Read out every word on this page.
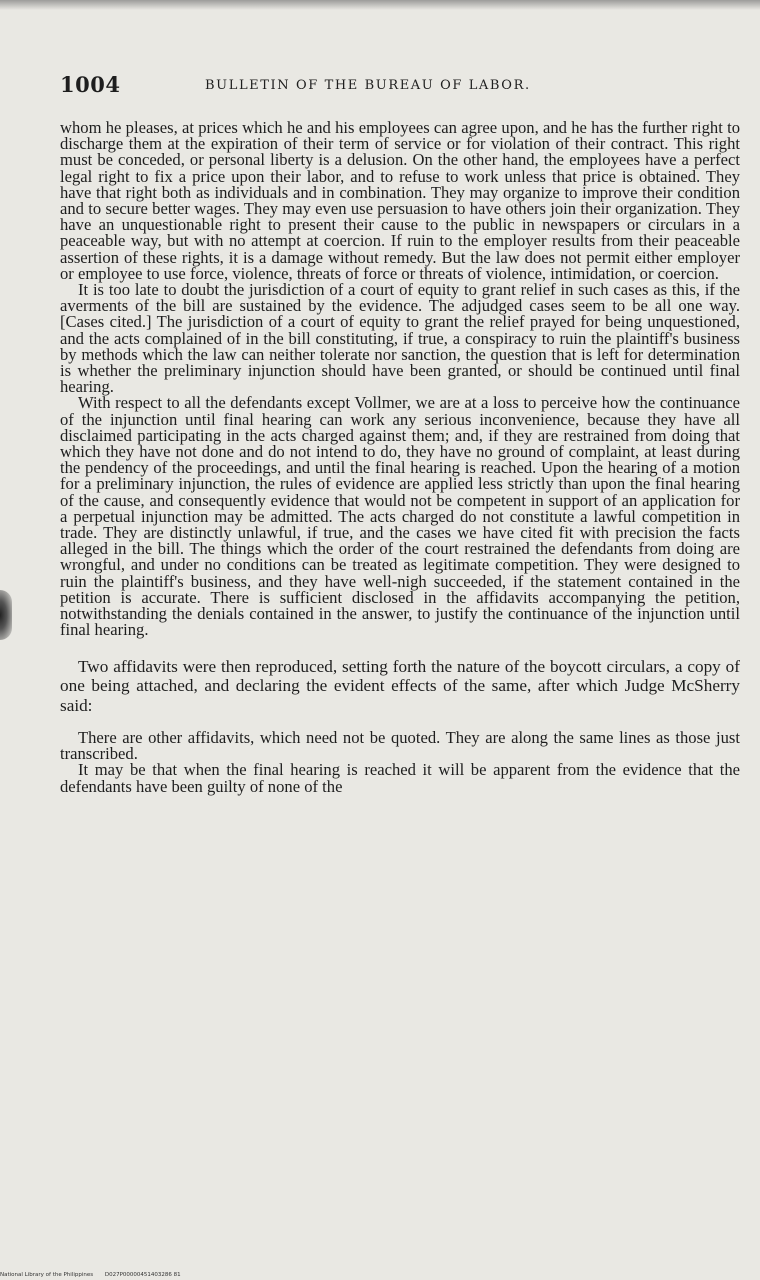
1004	BULLETIN OF THE BUREAU OF LABOR.

whom he pleases, at prices which he and his employees can agree upon, and he has the further right to discharge them at the expiration of their term of service or for violation of their contract. This right must be conceded, or personal liberty is a delusion. On the other hand, the employees have a perfect legal right to fix a price upon their labor, and to refuse to work unless that price is obtained. They have that right both as individuals and in combination. They may organize to improve their condition and to secure better wages. They may even use persuasion to have others join their organization. They have an unquestionable right to present their cause to the public in newspapers or circulars in a peaceable way, but with no attempt at coercion. If ruin to the employer results from their peaceable assertion of these rights, it is a damage without remedy. But the law does not permit either employer or employee to use force, violence, threats of force or threats of violence, intimidation, or coercion.

It is too late to doubt the jurisdiction of a court of equity to grant relief in such cases as this, if the averments of the bill are sustained by the evidence. The adjudged cases seem to be all one way. [Cases cited.] The jurisdiction of a court of equity to grant the relief prayed for being unquestioned, and the acts complained of in the bill constituting, if true, a conspiracy to ruin the plaintiff's business by methods which the law can neither tolerate nor sanction, the question that is left for determination is whether the preliminary injunction should have been granted, or should be continued until final hearing.

With respect to all the defendants except Vollmer, we are at a loss to perceive how the continuance of the injunction until final hearing can work any serious inconvenience, because they have all disclaimed participating in the acts charged against them; and, if they are restrained from doing that which they have not done and do not intend to do, they have no ground of complaint, at least during the pendency of the proceedings, and until the final hearing is reached. Upon the hearing of a motion for a preliminary injunction, the rules of evidence are applied less strictly than upon the final hearing of the cause, and consequently evidence that would not be competent in support of an application for a perpetual injunction may be admitted. The acts charged do not constitute a lawful competition in trade. They are distinctly unlawful, if true, and the cases we have cited fit with precision the facts alleged in the bill. The things which the order of the court restrained the defendants from doing are wrongful, and under no conditions can be treated as legitimate competition. They were designed to ruin the plaintiff's business, and they have well-nigh succeeded, if the statement contained in the petition is accurate. There is sufficient disclosed in the affidavits accompanying the petition, notwithstanding the denials contained in the answer, to justify the continuance of the injunction until final hearing.

Two affidavits were then reproduced, setting forth the nature of the boycott circulars, a copy of one being attached, and declaring the evident effects of the same, after which Judge McSherry said:

There are other affidavits, which need not be quoted. They are along the same lines as those just transcribed.

It may be that when the final hearing is reached it will be apparent from the evidence that the defendants have been guilty of none of the

National Library of the Philippines D027P00000451403286 81
